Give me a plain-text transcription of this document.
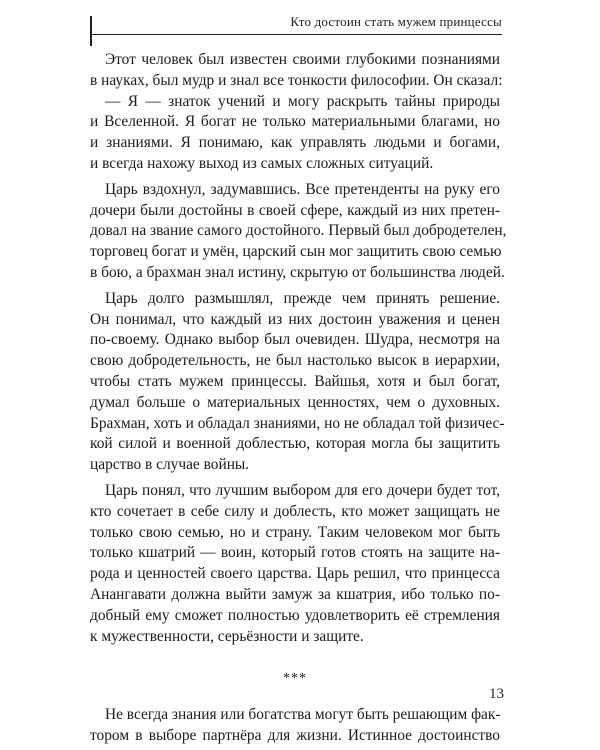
Кто достоин стать мужем принцессы

Этот человек был известен своими глубокими познаниями
в науках, был мудр и знал все тонкости философии. Он сказал:

— Я — знаток учений и могу раскрыть тайны природы
и Вселенной. Я богат не только материальными благами, но
и знаниями. Я понимаю, как управлять людьми и богами,
и всегда нахожу выход из самых сложных ситуаций.

Царь вздохнул, задумавшись. Все претенденты на руку его
дочери были достойны в своей сфере, каждый из них претен-
довал на звание самого достойного. Первый был добродетелен,
торговец богат и умён, царский сын мог защитить свою семью
в бою, а брахман знал истину, скрытую от большинства людей.

Царь долго размышлял, прежде чем принять решение.
Он понимал, что каждый из них достоин уважения и ценен
по-своему. Однако выбор был очевиден. Шудра, несмотря на
свою добродетельность, не был настолько высок в иерархии,
чтобы стать мужем принцессы. Вайшья, хотя и был богат,
думал больше о материальных ценностях, чем о духовных.
Брахман, хоть и обладал знаниями, но не обладал той физичес-
кой силой и военной доблестью, которая могла бы защитить
царство в случае войны.

Царь понял, что лучшим выбором для его дочери будет тот,
кто сочетает в себе силу и доблесть, кто может защищать не
только свою семью, но и страну. Таким человеком мог быть
только кшатрий — воин, который готов стоять на защите на-
рода и ценностей своего царства. Царь решил, что принцесса
Анангавати должна выйти замуж за кшатрия, ибо только по-
добный ему сможет полностью удовлетворить её стремления
к мужественности, серьёзности и защите.

***

Не всегда знания или богатства могут быть решающим фак-
тором в выборе партнёра для жизни. Истинное достоинство

13
